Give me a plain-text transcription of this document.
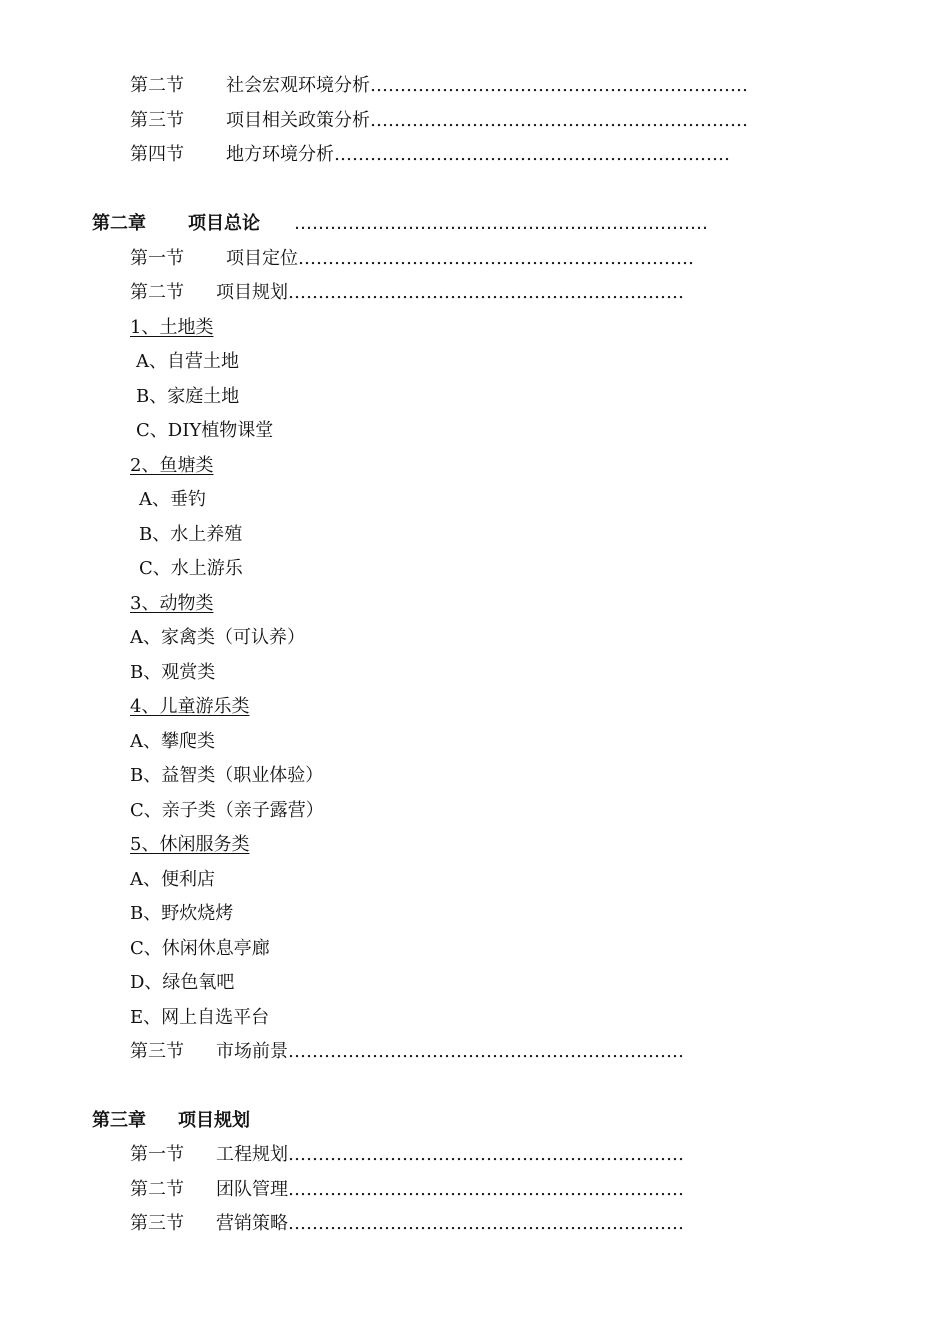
第二节 社会宏观环境分析………………………………………………………
第三节 项目相关政策分析………………………………………………………
第四节 地方环境分析…………………………………………………………
第二章 项目总论 ……………………………………………………………
第一节 项目定位…………………………………………………………
第二节 项目规划…………………………………………………………
1、土地类
A、自营土地
B、家庭土地
C、DIY植物课堂
2、鱼塘类
A、垂钓
B、水上养殖
C、水上游乐
3、动物类
A、家禽类（可认养）
B、观赏类
4、儿童游乐类
A、攀爬类
B、益智类（职业体验）
C、亲子类（亲子露营）
5、休闲服务类
A、便利店
B、野炊烧烤
C、休闲休息亭廊
D、绿色氧吧
E、网上自选平台
第三节 市场前景…………………………………………………………
第三章 项目规划
第一节 工程规划…………………………………………………………
第二节 团队管理…………………………………………………………
第三节 营销策略…………………………………………………………
